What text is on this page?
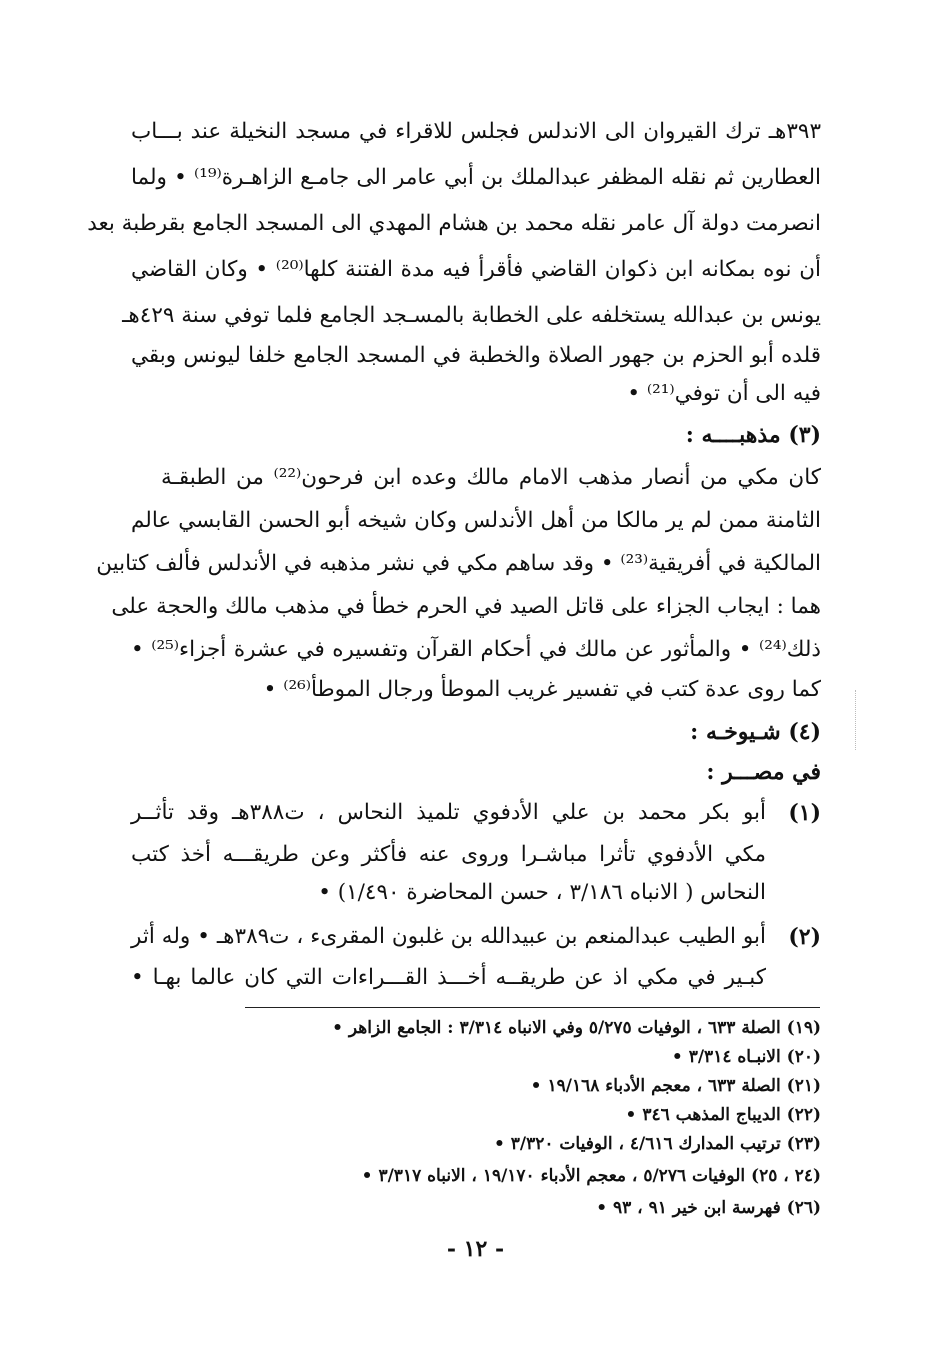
٣٩٣هـ ترك القيروان الى الاندلس فجلس للاقراء في مسجد النخيلة عند بـــاب
العطارين ثم نقله المظفر عبدالملك بن أبي عامر الى جامـع الزاهـرة⁽¹⁹⁾ • ولما
انصرمت دولة آل عامر نقله محمد بن هشام المهدي الى المسجد الجامع بقرطبة بعد
أن نوه بمكانه ابن ذكوان القاضي فأقرأ فيه مدة الفتنة كلها⁽²⁰⁾ • وكان القاضي
يونس بن عبدالله يستخلفه على الخطابة بالمسـجد الجامع فلما توفي سنة ٤٢٩هـ
قلده أبو الحزم بن جهور الصلاة والخطبة في المسجد الجامع خلفا ليونس وبقي
فيه الى أن توفي⁽²¹⁾ •
(٣) مذهبــــه :
كان مكي من أنصار مذهب الامام مالك وعده ابن فرحون⁽²²⁾ من الطبقـة
الثامنة ممن لم ير مالكا من أهل الأندلس وكان شيخه أبو الحسن القابسي عالم
المالكية في أفريقية⁽²³⁾ • وقد ساهم مكي في نشر مذهبه في الأندلس فألف كتابين
هما : ايجاب الجزاء على قاتل الصيد في الحرم خطأ في مذهب مالك والحجة على
ذلك⁽²⁴⁾ • والمأثور عن مالك في أحكام القرآن وتفسيره في عشرة أجزاء⁽²⁵⁾ •
كما روى عدة كتب في تفسير غريب الموطأ ورجال الموطأ⁽²⁶⁾ •
(٤) شـيوخـه :
في مصـــر :
(١)
أبو بكر محمد بن علي الأدفوي تلميذ النحاس ، ت٣٨٨هـ وقد تأثــر
مكي الأدفوي تأثرا مباشـرا وروى عنه فأكثر وعن طريقـــه أخذ كتب
النحاس ( الانباه ٣/١٨٦ ، حسن المحاضرة ١/٤٩٠) •
(٢)
أبو الطيب عبدالمنعم بن عبيدالله بن غلبون المقرىء ، ت٣٨٩هـ • وله أثر
كبـير في مكي اذ عن طريقــه أخـــذ القـــراءات التي كان عالما بهـا •
(١٩) الصلة ٦٣٣ ، الوفيات ٥/٢٧٥ وفي الانباه ٣/٣١٤ : الجامع الزاهر •
(٢٠) الانبـاه ٣/٣١٤ •
(٢١) الصلة ٦٣٣ ، معجم الأدباء ١٩/١٦٨ •
(٢٢) الديباج المذهب ٣٤٦ •
(٢٣) ترتيب المدارك ٤/٦١٦ ، الوفيات ٣/٣٢٠ •
(٢٤ ، ٢٥) الوفيات ٥/٢٧٦ ، معجم الأدباء ١٩/١٧٠ ، الانباه ٣/٣١٧ •
(٢٦) فهرسة ابن خير ٩١ ، ٩٣ •
- ١٢ -
